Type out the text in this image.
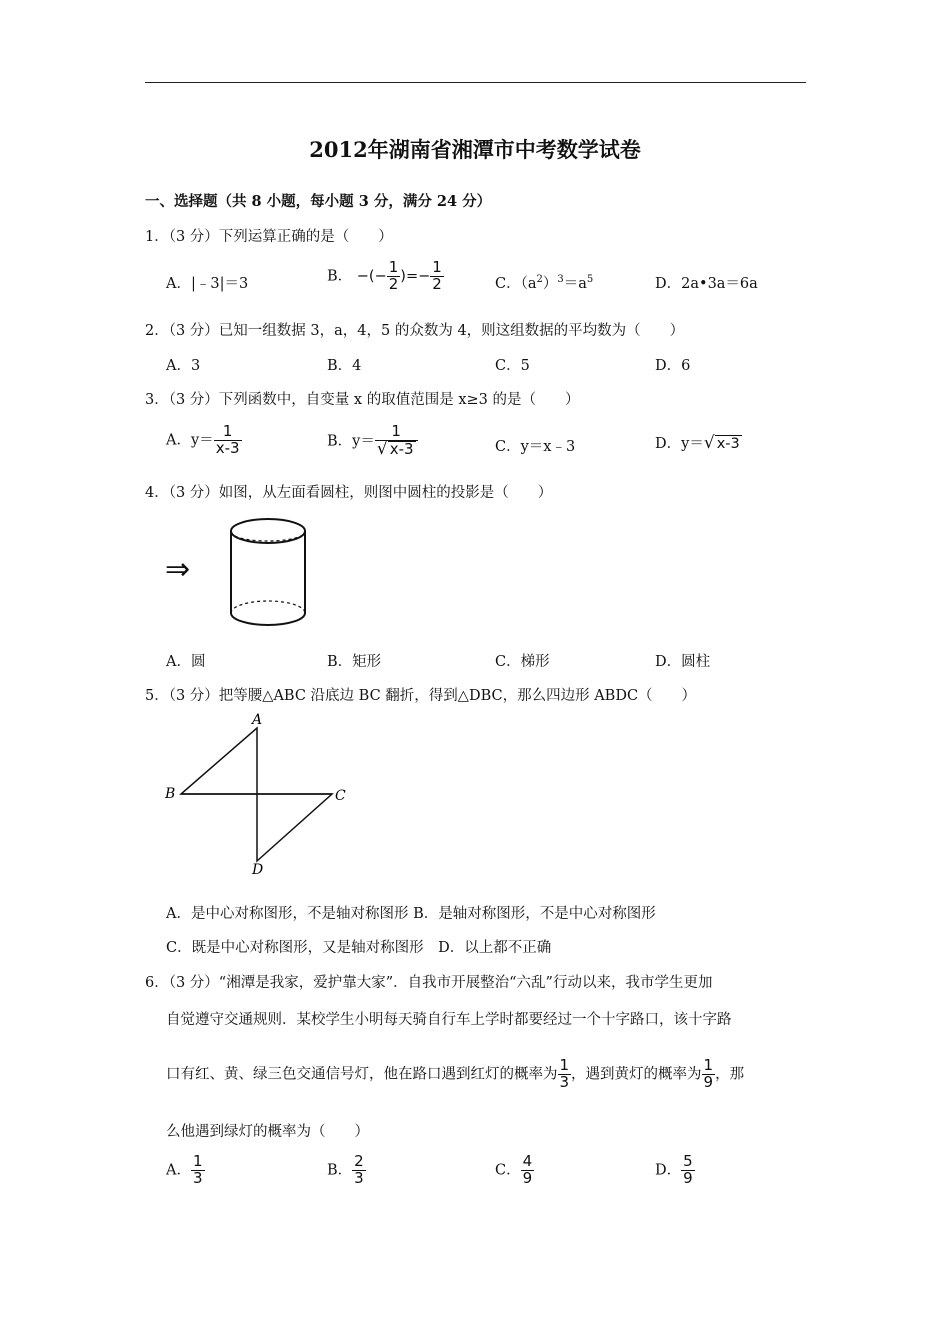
2012年湖南省湘潭市中考数学试卷
一、选择题（共 8 小题，每小题 3 分，满分 24 分）
1．（3 分）下列运算正确的是（　　）
A．|﹣3|＝3	B． −(− $\frac{1}{2}$ )=− $\frac{1}{2}$	C．$(a^2)^3=a^5$	D．2a•3a＝6a
2．（3 分）已知一组数据 3，a，4，5 的众数为 4，则这组数据的平均数为（　　）
A．3	B．4	C．5	D．6
3．（3 分）下列函数中，自变量 x 的取值范围是 x≥3 的是（　　）
A．$y= \frac{1}{x-3}$	B．$y= \frac{1}{√ x-3}$	C．y＝x﹣3	D．y＝√ x-3
4．（3 分）如图，从左面看圆柱，则图中圆柱的投影是（　　）
⇒
A．圆	B．矩形	C．梯形	D．圆柱
5．（3 分）把等腰△ABC 沿底边 BC 翻折，得到△DBC，那么四边形 ABDC（　　）
A
B	C
D
A．是中心对称图形，不是轴对称图形 B．是轴对称图形，不是中心对称图形
C．既是中心对称图形，又是轴对称图形　D．以上都不正确
6．（3 分）“湘潭是我家，爱护靠大家”．自我市开展整治“六乱”行动以来，我市学生更加
自觉遵守交通规则．某校学生小明每天骑自行车上学时都要经过一个十字路口，该十字路
口有红、黄、绿三色交通信号灯，他在路口遇到红灯的概率为 $\frac{1}{3}$ ，遇到黄灯的概率为 $\frac{1}{9}$ ，那
么他遇到绿灯的概率为（　　）
A． $\frac{1}{3}$	B． $\frac{2}{3}$	C． $\frac{4}{9}$	D． $\frac{5}{9}$
